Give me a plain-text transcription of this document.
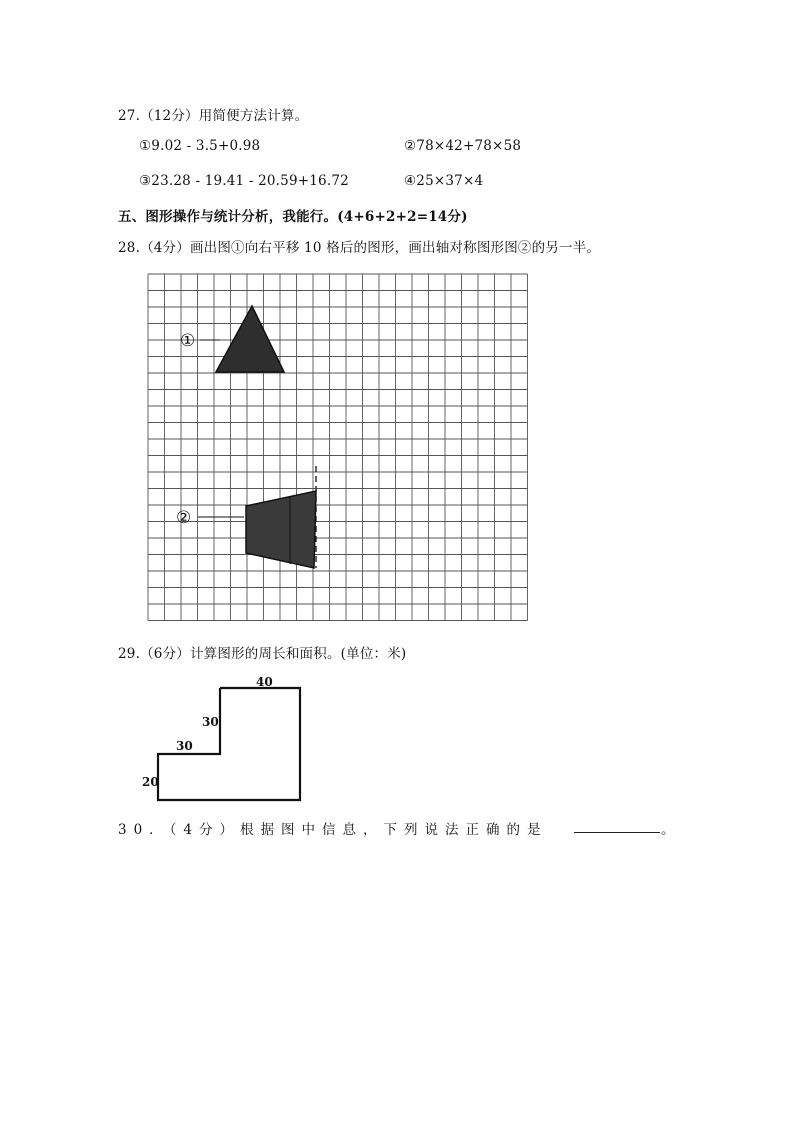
27.（12分）用简便方法计算。
①9.02 - 3.5+0.98	②78×42+78×58
③23.28 - 19.41 - 20.59+16.72	④25×37×4
五、图形操作与统计分析，我能行。(4+6+2+2=14分)
28.（4分）画出图①向右平移 10 格后的图形，画出轴对称图形图②的另一半。
①
②
29.（6分）计算图形的周长和面积。(单位：米)
40
30
30
20
30．（4分）根据图中信息，下列说法正确的是	。
